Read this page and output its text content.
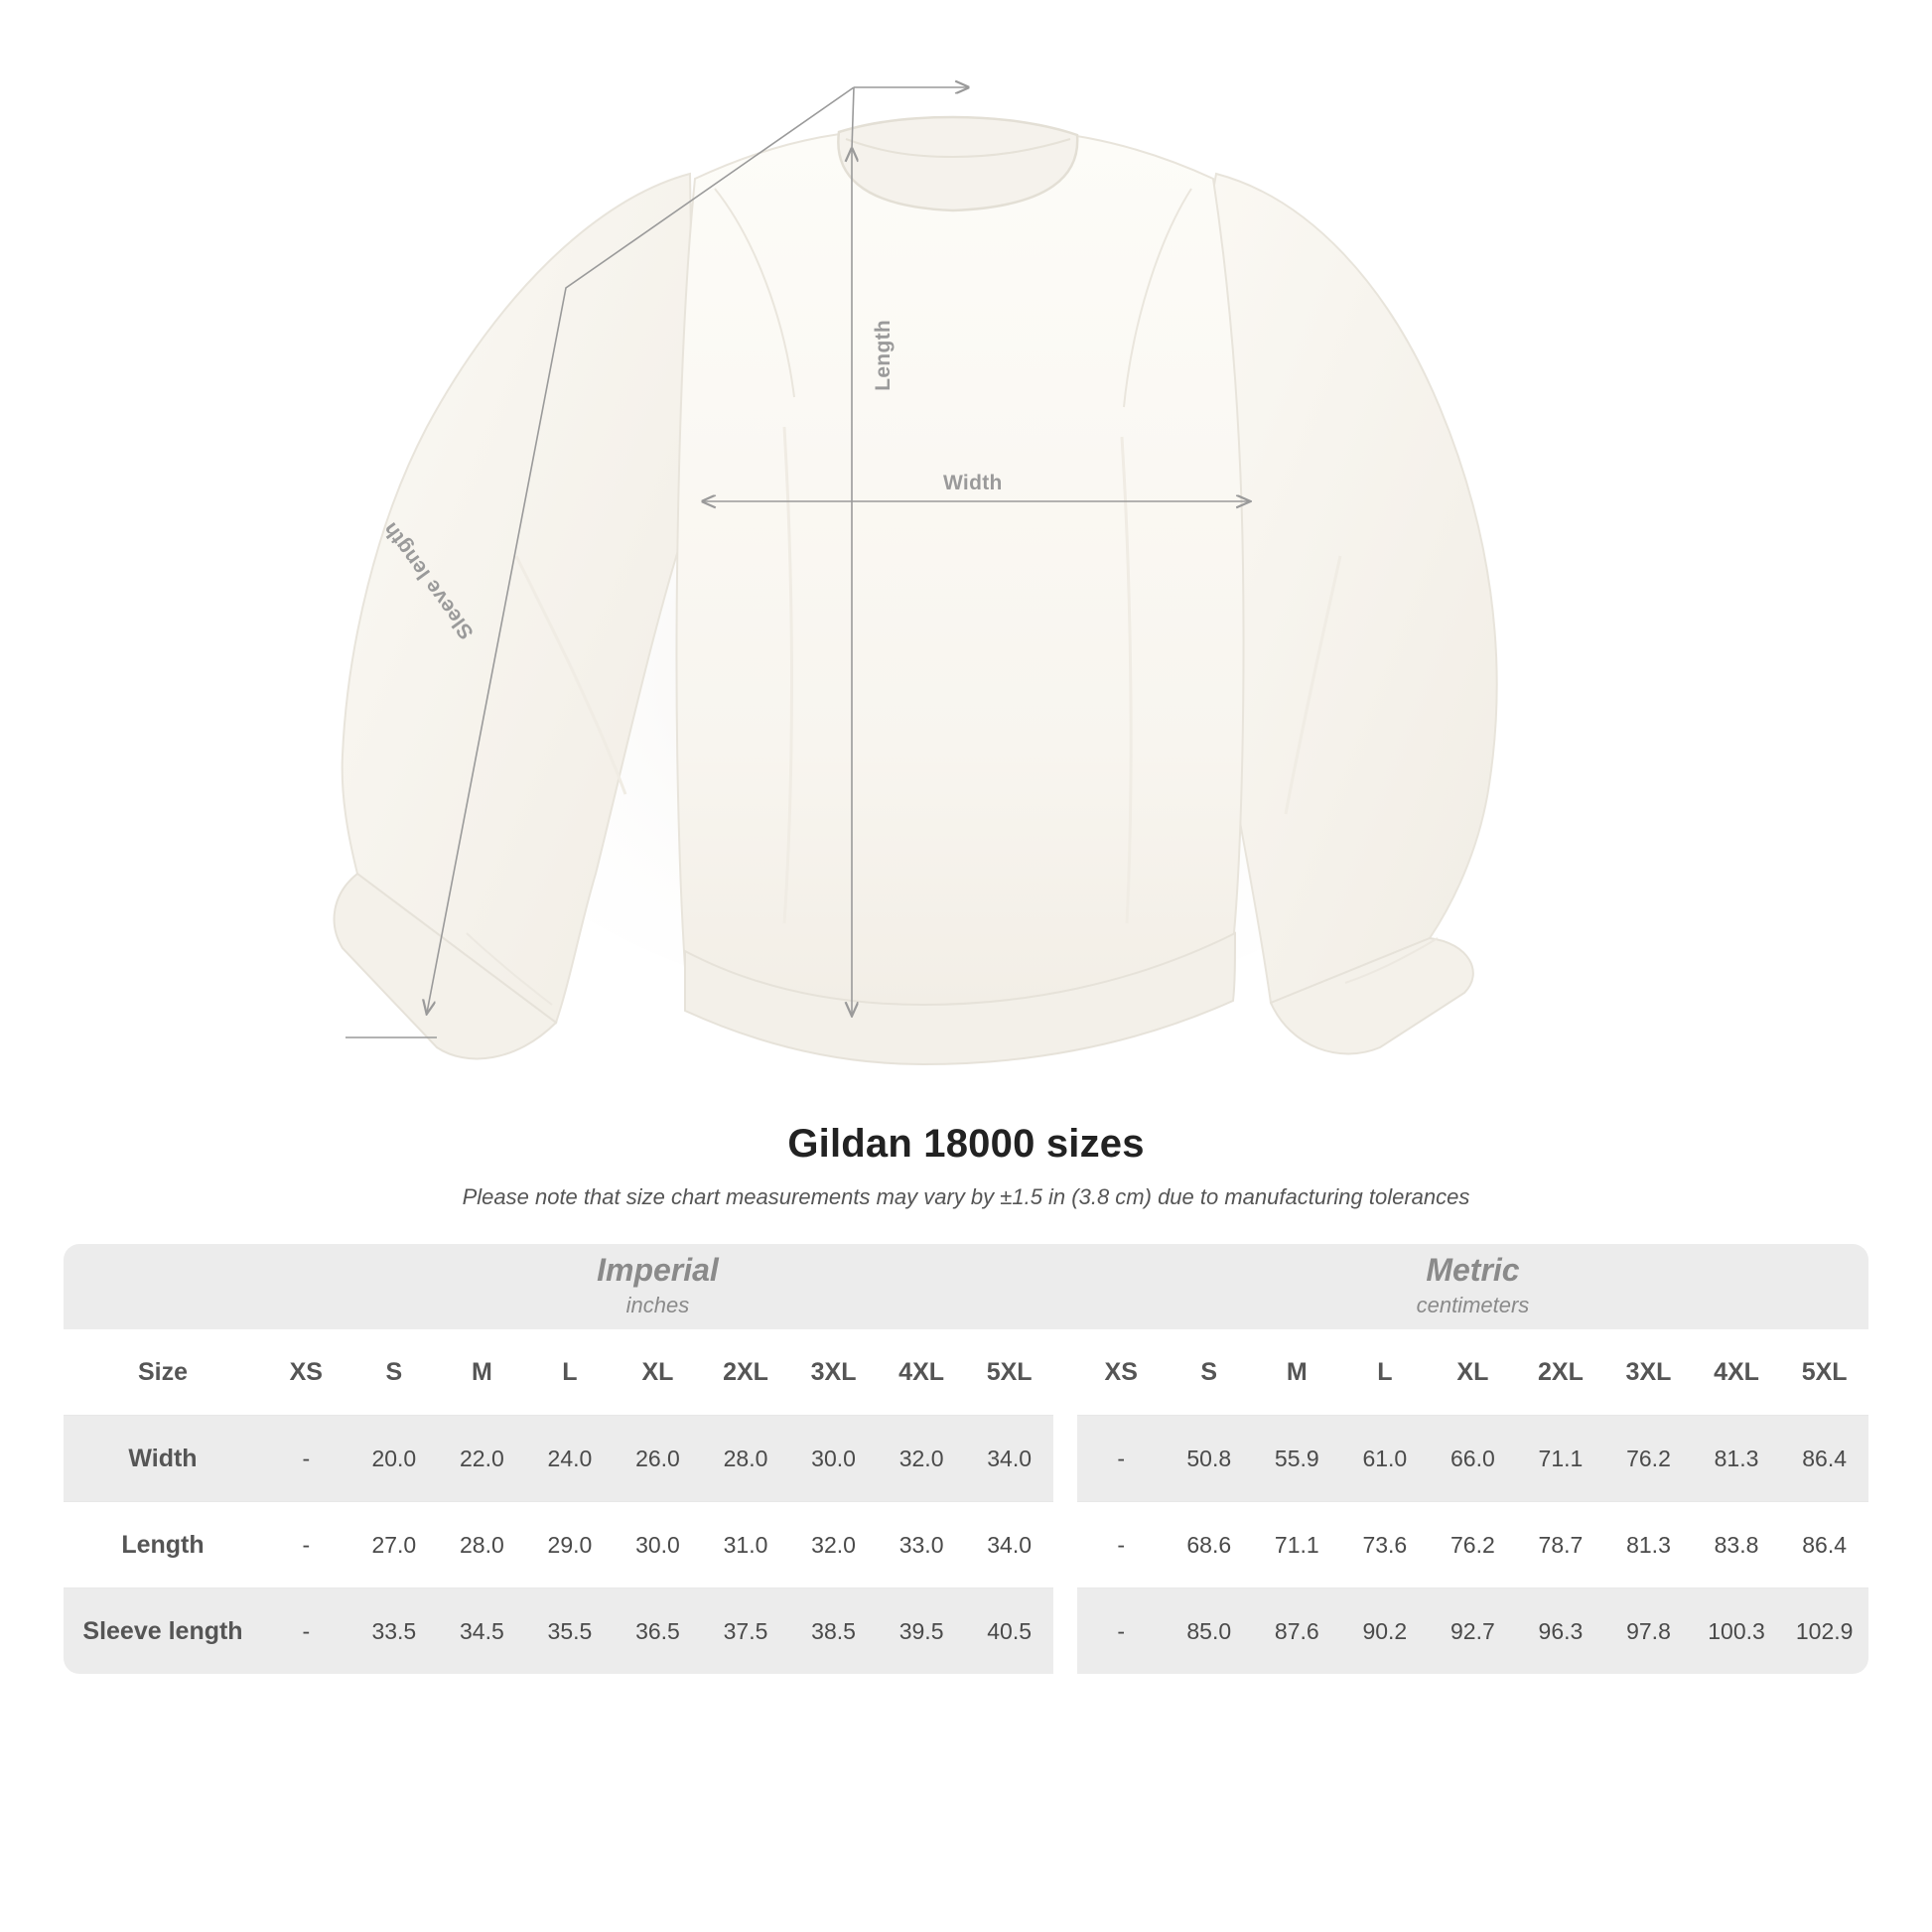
Length
Width
Sleeve length
Gildan 18000 sizes

Please note that size chart measurements may vary by ±1.5 in (3.8 cm) due to manufacturing tolerances

Imperial
inches

Metric
centimeters

Size	XS	S	M	L	XL	2XL	3XL	4XL	5XL		XS	S	M	L	XL	2XL	3XL	4XL	5XL
Width	-	20.0	22.0	24.0	26.0	28.0	30.0	32.0	34.0		-	50.8	55.9	61.0	66.0	71.1	76.2	81.3	86.4
Length	-	27.0	28.0	29.0	30.0	31.0	32.0	33.0	34.0		-	68.6	71.1	73.6	76.2	78.7	81.3	83.8	86.4
Sleeve length	-	33.5	34.5	35.5	36.5	37.5	38.5	39.5	40.5		-	85.0	87.6	90.2	92.7	96.3	97.8	100.3	102.9
